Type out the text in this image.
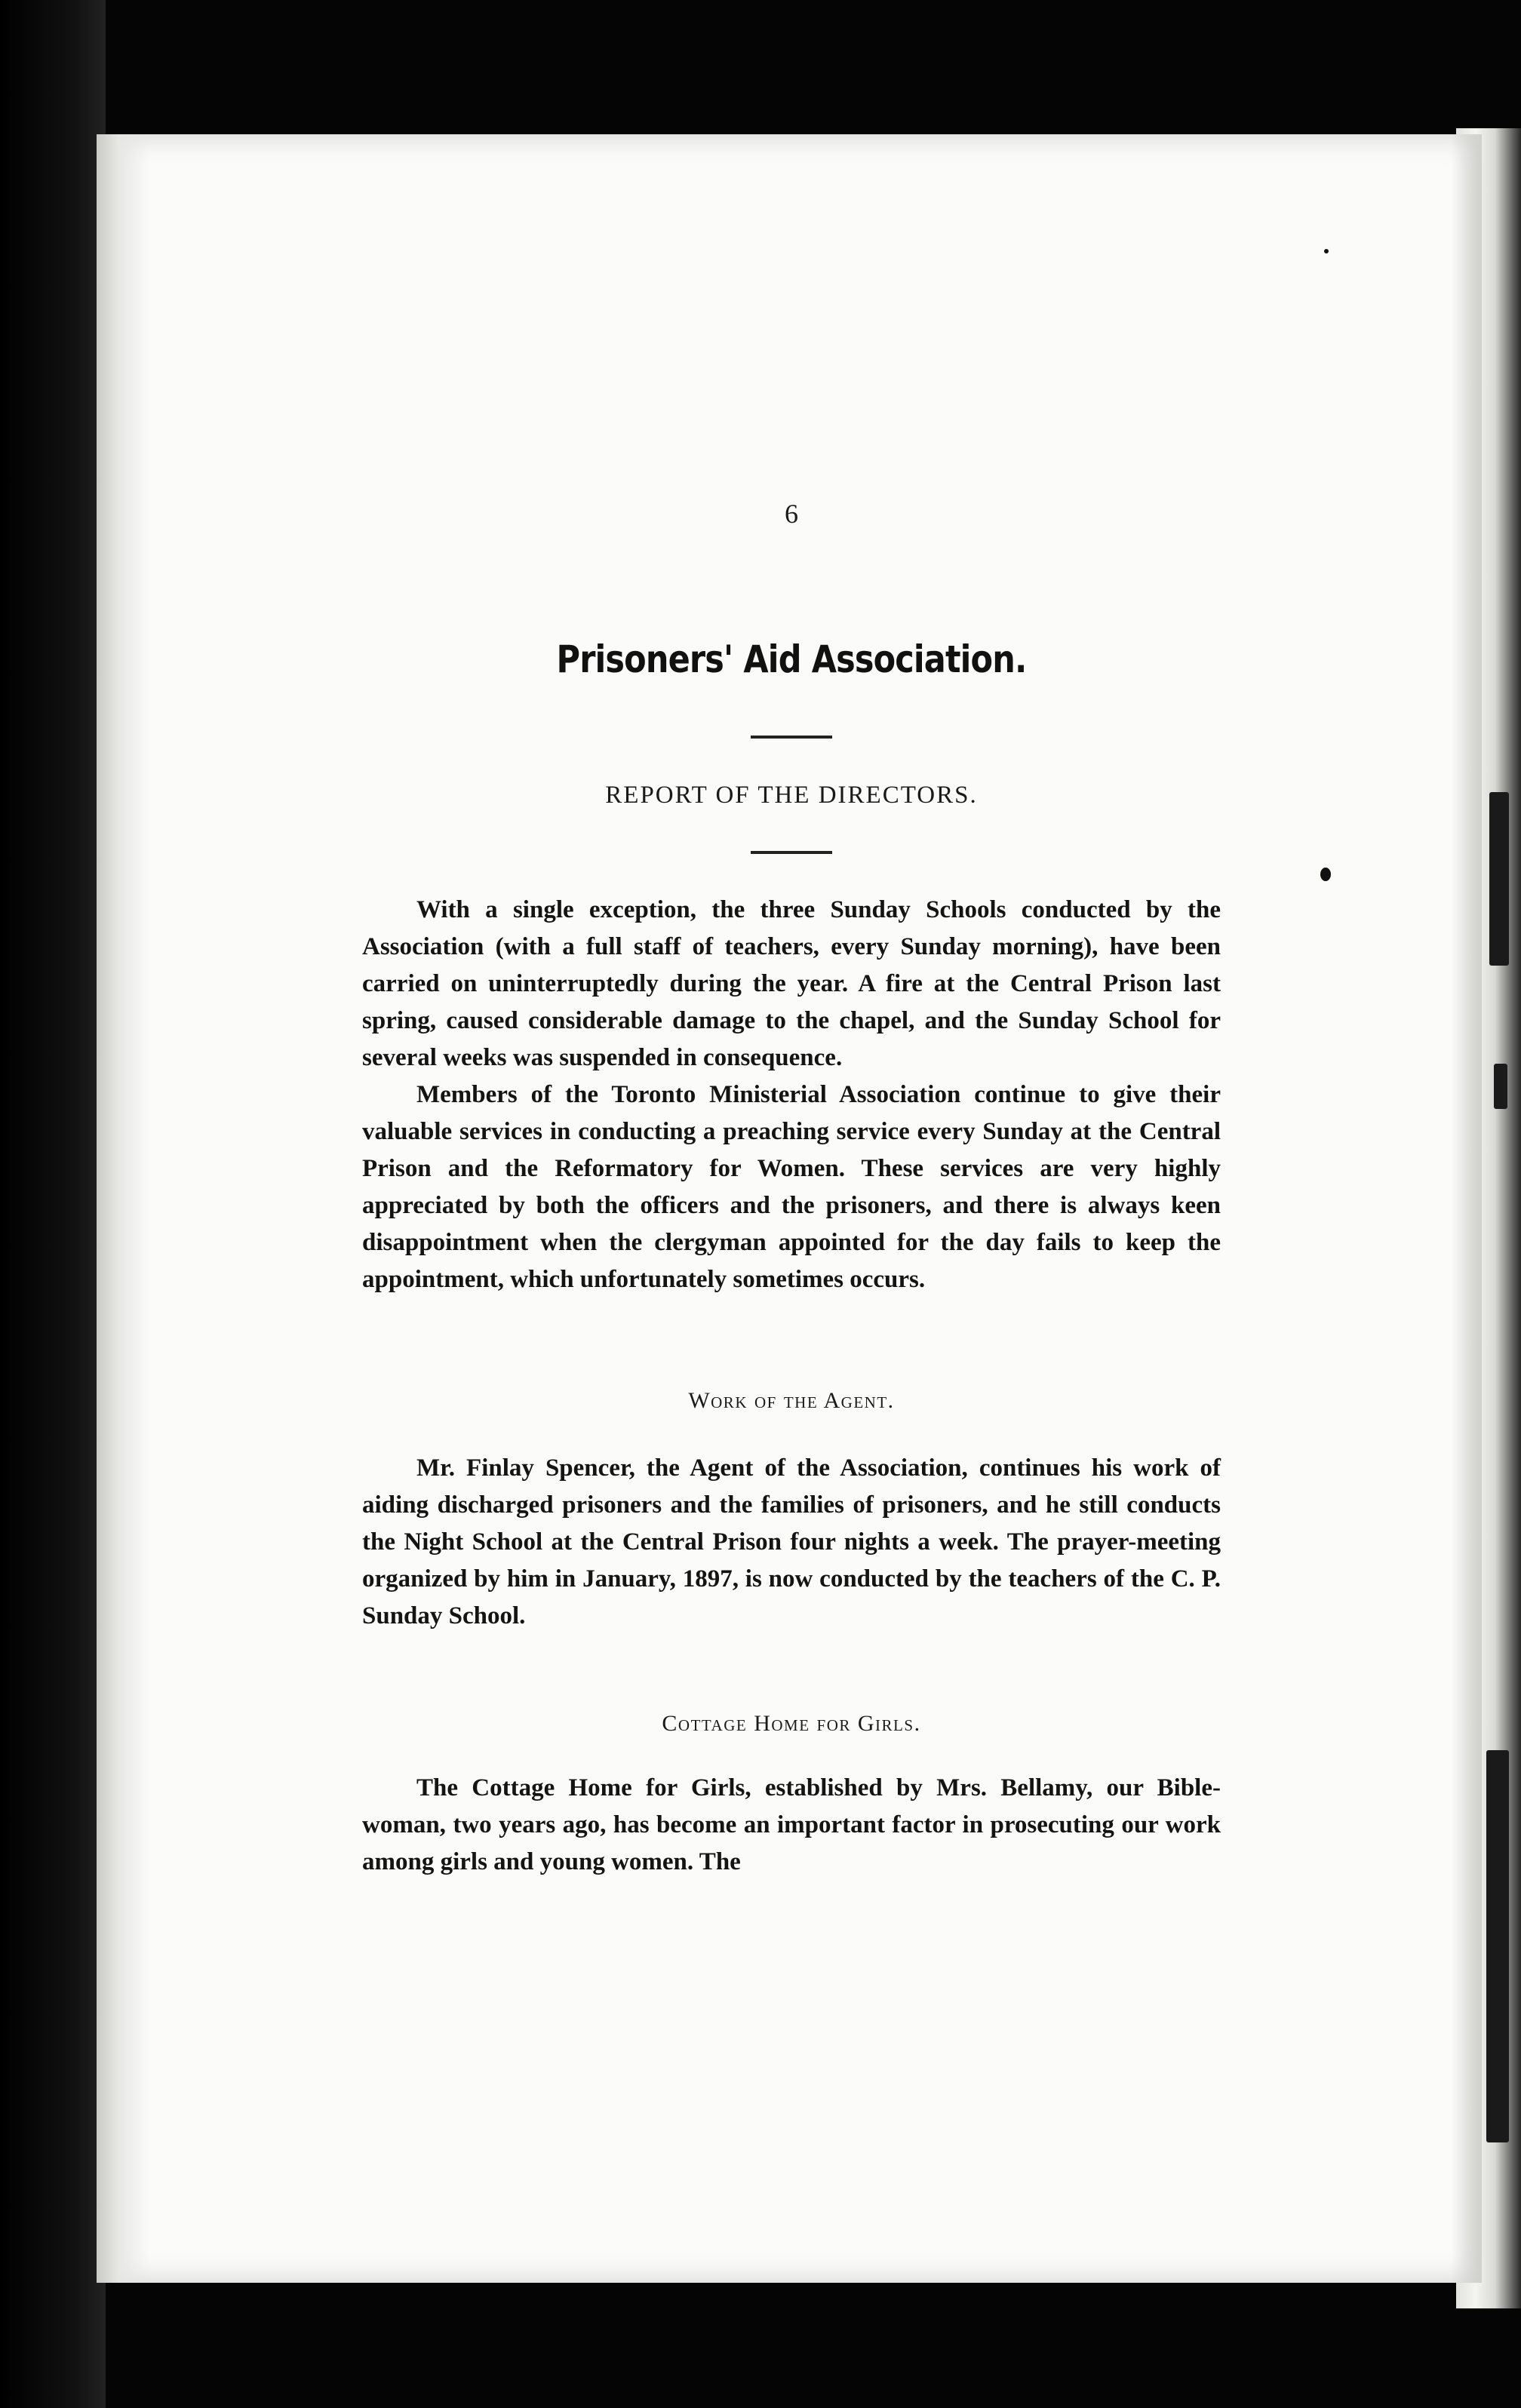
6
Prisoners' Aid Association.
REPORT OF THE DIRECTORS.

With a single exception, the three Sunday Schools conducted by the Association (with a full staff of teachers, every Sunday morning), have been carried on uninterruptedly during the year. A fire at the Central Prison last spring, caused considerable damage to the chapel, and the Sunday School for several weeks was suspended in consequence.

Members of the Toronto Ministerial Association continue to give their valuable services in conducting a preaching service every Sunday at the Central Prison and the Reformatory for Women. These services are very highly appreciated by both the officers and the prisoners, and there is always keen disappointment when the clergyman appointed for the day fails to keep the appointment, which unfortunately sometimes occurs.

Work of the Agent.

Mr. Finlay Spencer, the Agent of the Association, continues his work of aiding discharged prisoners and the families of prisoners, and he still conducts the Night School at the Central Prison four nights a week. The prayer-meeting organized by him in January, 1897, is now conducted by the teachers of the C. P. Sunday School.

Cottage Home for Girls.

The Cottage Home for Girls, established by Mrs. Bellamy, our Bible-woman, two years ago, has become an important factor in prosecuting our work among girls and young women. The
